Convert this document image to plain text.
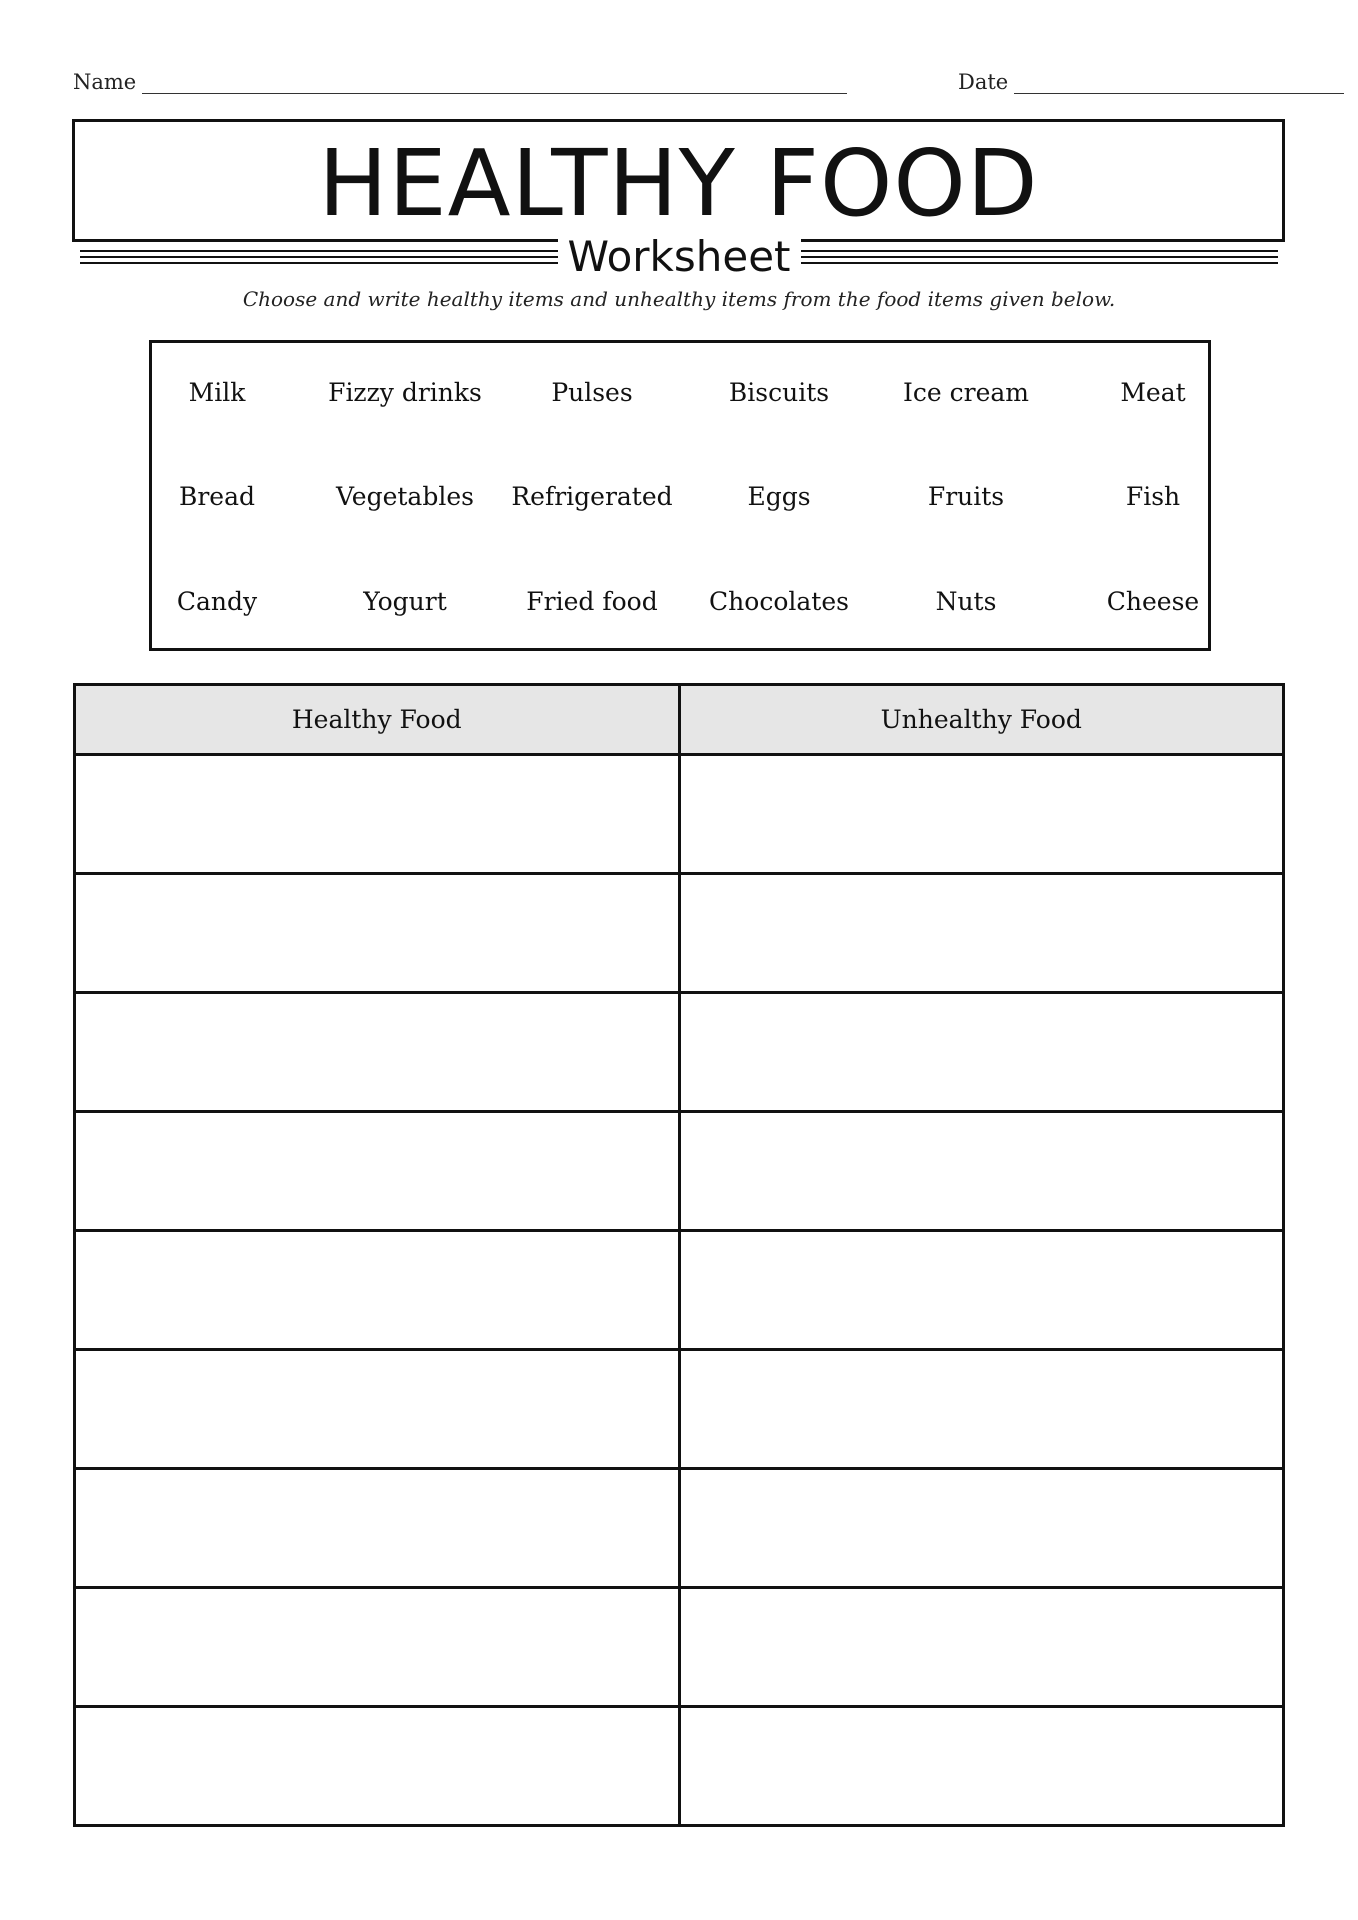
Name	Date
HEALTHY FOOD
Worksheet
Choose and write healthy items and unhealthy items from the food items given below.
Milk	Fizzy drinks	Pulses	Biscuits	Ice cream	Meat
Bread	Vegetables	Refrigerated	Eggs	Fruits	Fish
Candy	Yogurt	Fried food	Chocolates	Nuts	Cheese
Healthy Food	Unhealthy Food
